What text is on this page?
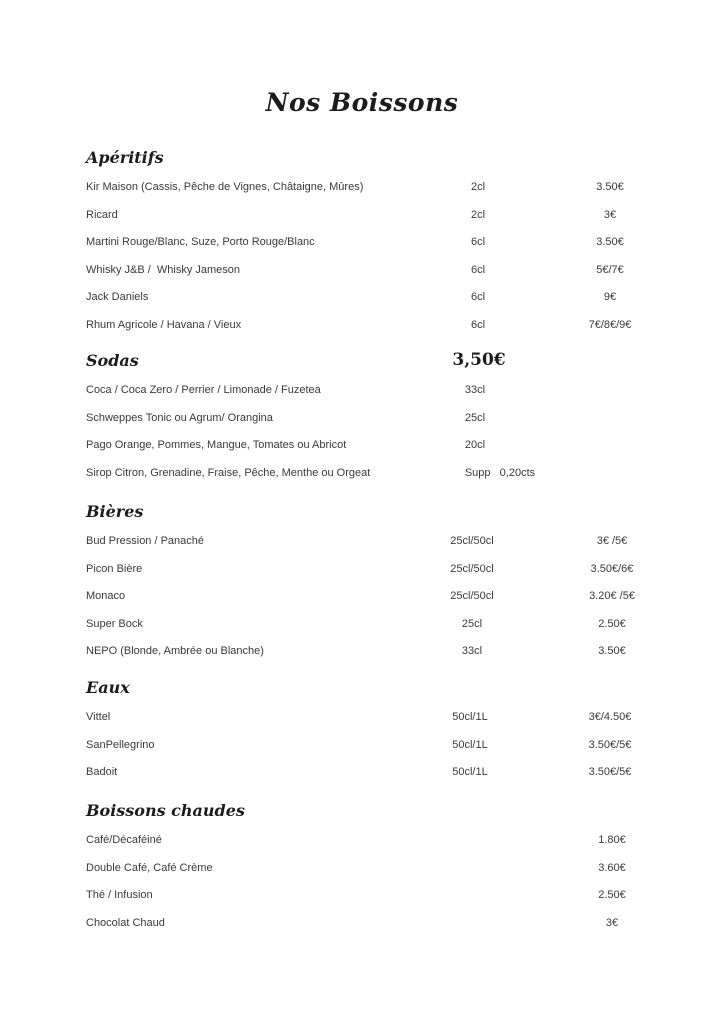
Nos Boissons
Apéritifs
Kir Maison (Cassis, Pêche de Vignes, Châtaigne, Mûres)	2cl	3.50€
Ricard	2cl	3€
Martini Rouge/Blanc, Suze, Porto Rouge/Blanc	6cl	3.50€
Whisky J&B /  Whisky Jameson	6cl	5€/7€
Jack Daniels	6cl	9€
Rhum Agricole / Havana / Vieux	6cl	7€/8€/9€
Sodas	3,50€
Coca / Coca Zero / Perrier / Limonade / Fuzetea	33cl
Schweppes Tonic ou Agrum/ Orangina	25cl
Pago Orange, Pommes, Mangue, Tomates ou Abricot	20cl
Sirop Citron, Grenadine, Fraise, Pêche, Menthe ou Orgeat	Supp   0,20cts
Bières
Bud Pression / Panaché	25cl/50cl	3€ /5€
Picon Bière	25cl/50cl	3.50€/6€
Monaco	25cl/50cl	3.20€ /5€
Super Bock	25cl	2.50€
NEPO (Blonde, Ambrée ou Blanche)	33cl	3.50€
Eaux
Vittel	50cl/1L	3€/4.50€
SanPellegrino	50cl/1L	3.50€/5€
Badoit	50cl/1L	3.50€/5€
Boissons chaudes
Café/Décaféiné	1.80€
Double Café, Café Crème	3.60€
Thé / Infusion	2.50€
Chocolat Chaud	3€
